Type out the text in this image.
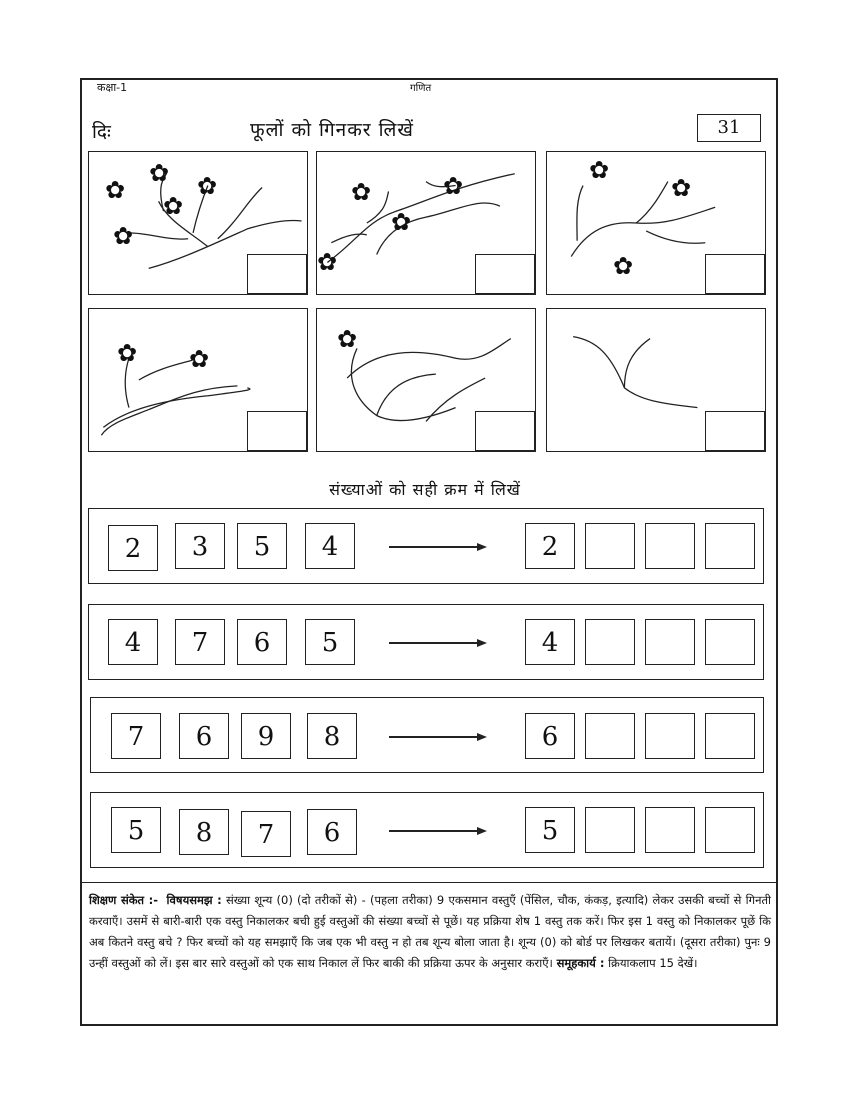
कक्षा-1	गणित
दिः	फूलों को गिनकर लिखें	31
✿
✿ ✿
✿
✿
✿	✿
✿
✿
✿
✿
✿
✿ ✿
✿
संख्याओं को सही क्रम में लिखें
2	3	5	4	2
4	7	6	5	4
7	6	9	8	6
5	8	7	6	5
शिक्षण संकेत :- विषयसमझ : संख्या शून्य (0) (दो तरीकों से) - (पहला तरीका) 9 एकसमान वस्तुएँ (पेंसिल, चौक, कंकड़, इत्यादि) लेकर उसकी बच्चों से गिनती करवाएँ। उसमें से बारी-बारी एक वस्तु निकालकर बची हुई वस्तुओं की संख्या बच्चों से पूछें। यह प्रक्रिया शेष 1 वस्तु तक करें। फिर इस 1 वस्तु को निकालकर पूछें कि अब कितने वस्तु बचे ? फिर बच्चों को यह समझाएँ कि जब एक भी वस्तु न हो तब शून्य बोला जाता है। शून्य (0) को बोर्ड पर लिखकर बतायें। (दूसरा तरीका) पुनः 9 उन्हीं वस्तुओं को लें। इस बार सारे वस्तुओं को एक साथ निकाल लें फिर बाकी की प्रक्रिया ऊपर के अनुसार कराएँ। समूहकार्य : क्रियाकलाप 15 देखें।
